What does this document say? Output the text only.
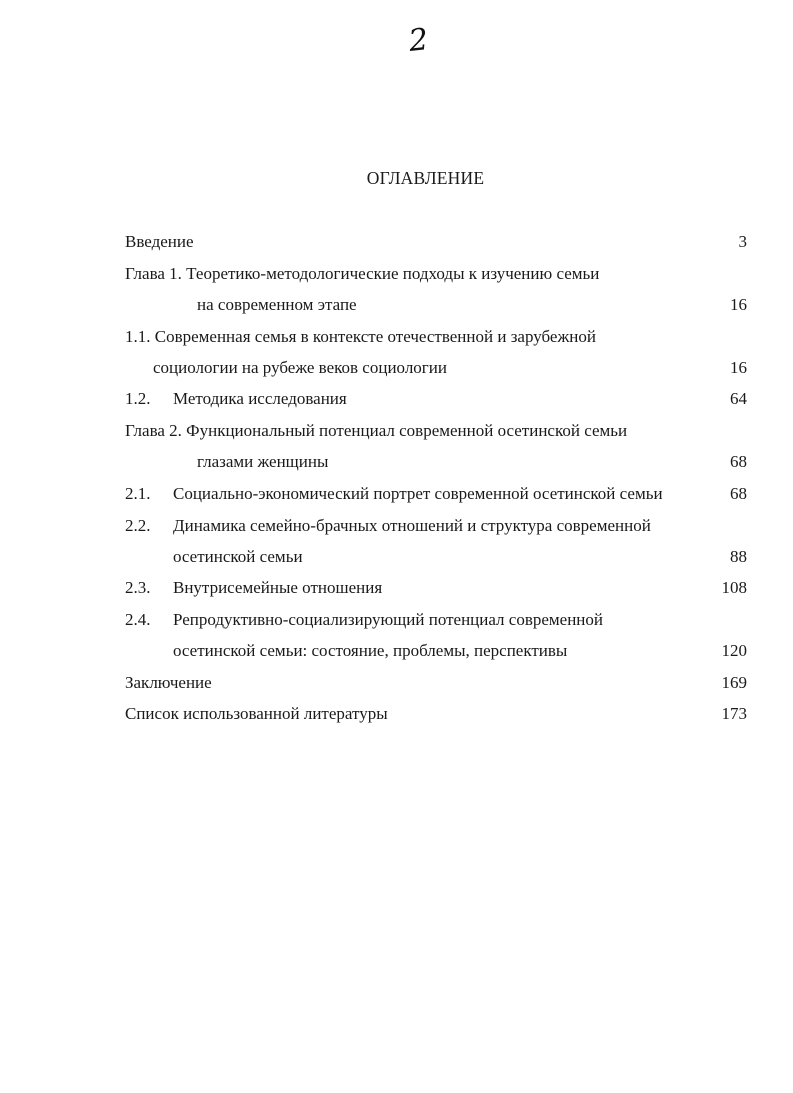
2
ОГЛАВЛЕНИЕ
Введение	3
Глава 1. Теоретико-методологические подходы к изучению семьи
на современном этапе	16
1.1. Современная семья в контексте отечественной и зарубежной
социологии на рубеже веков социологии	16
1.2. Методика исследования	64
Глава 2. Функциональный потенциал современной осетинской семьи
глазами женщины	68
2.1. Социально-экономический портрет современной осетинской семьи	68
2.2. Динамика семейно-брачных отношений и структура современной
осетинской семьи	88
2.3. Внутрисемейные отношения	108
2.4. Репродуктивно-социализирующий потенциал современной
осетинской семьи: состояние, проблемы, перспективы	120
Заключение	169
Список использованной литературы	173
